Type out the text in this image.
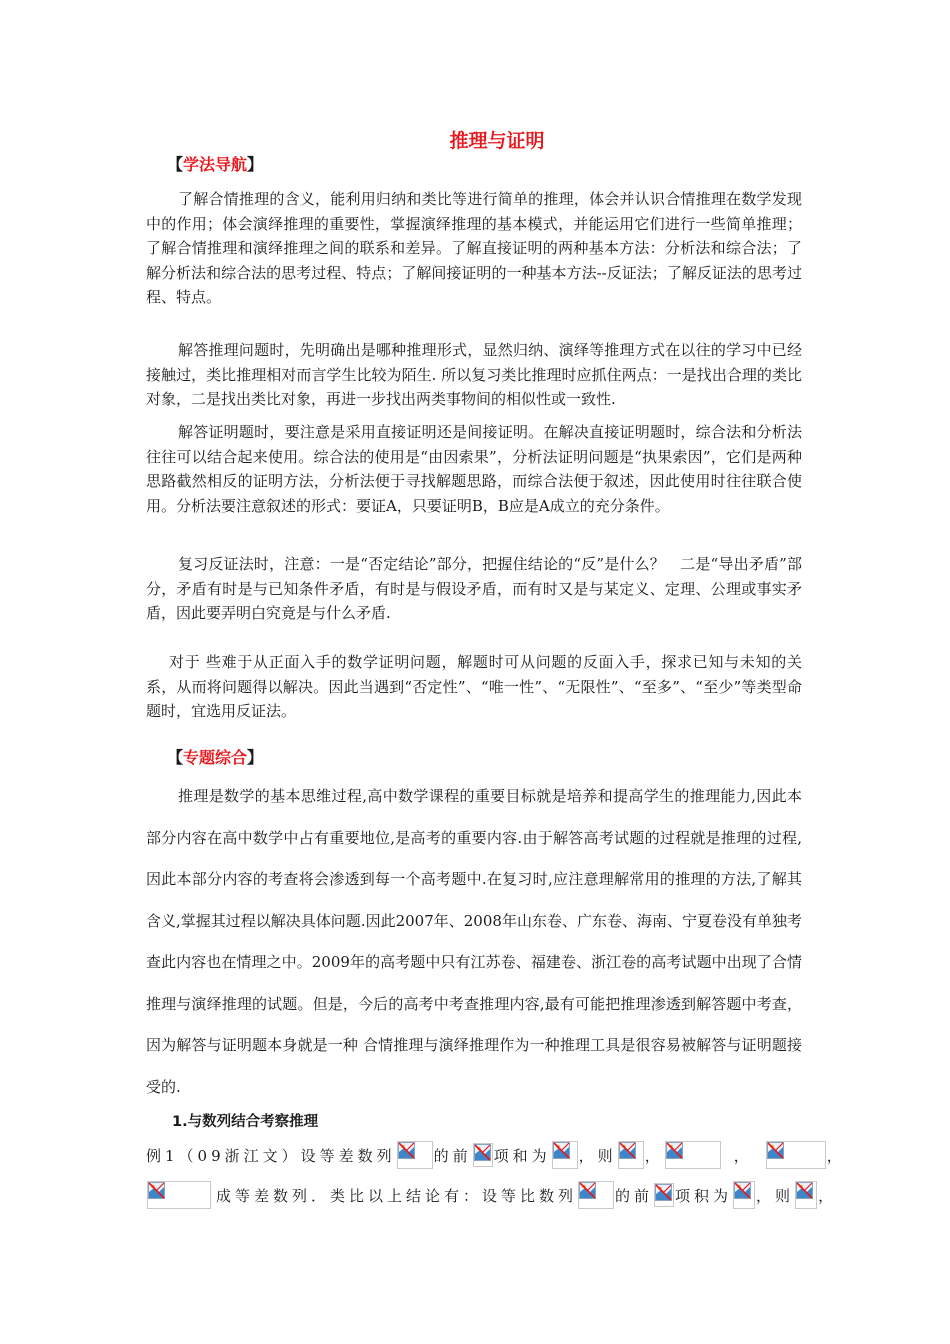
推理与证明
【学法导航】

了解合情推理的含义，能利用归纳和类比等进行简单的推理，体会并认识合情推理在数学发现中的作用；体会演绎推理的重要性，掌握演绎推理的基本模式，并能运用它们进行一些简单推理；了解合情推理和演绎推理之间的联系和差异。了解直接证明的两种基本方法：分析法和综合法；了解分析法和综合法的思考过程、特点；了解间接证明的一种基本方法--反证法；了解反证法的思考过程、特点。

解答推理问题时，先明确出是哪种推理形式，显然归纳、演绎等推理方式在以往的学习中已经接触过，类比推理相对而言学生比较为陌生. 所以复习类比推理时应抓住两点：一是找出合理的类比对象，二是找出类比对象，再进一步找出两类事物间的相似性或一致性.

解答证明题时，要注意是采用直接证明还是间接证明。在解决直接证明题时，综合法和分析法往往可以结合起来使用。综合法的使用是“由因索果”，分析法证明问题是“执果索因”，它们是两种思路截然相反的证明方法，分析法便于寻找解题思路，而综合法便于叙述，因此使用时往往联合使用。分析法要注意叙述的形式：要证A，只要证明B，B应是A成立的充分条件。

复习反证法时，注意：一是“否定结论”部分，把握住结论的“反”是什么？　二是“导出矛盾”部分，矛盾有时是与已知条件矛盾，有时是与假设矛盾，而有时又是与某定义、定理、公理或事实矛盾，因此要弄明白究竟是与什么矛盾.

对于 些难于从正面入手的数学证明问题，解题时可从问题的反面入手，探求已知与未知的关系，从而将问题得以解决。因此当遇到“否定性”、“唯一性”、“无限性”、“至多”、“至少”等类型命题时，宜选用反证法。

【专题综合】

推理是数学的基本思维过程,高中数学课程的重要目标就是培养和提高学生的推理能力,因此本部分内容在高中数学中占有重要地位,是高考的重要内容.由于解答高考试题的过程就是推理的过程,因此本部分内容的考查将会渗透到每一个高考题中.在复习时,应注意理解常用的推理的方法,了解其含义,掌握其过程以解决具体问题.因此2007年、2008年山东卷、广东卷、海南、宁夏卷没有单独考查此内容也在情理之中。2009年的高考题中只有江苏卷、福建卷、浙江卷的高考试题中出现了合情推理与演绎推理的试题。但是，今后的高考中考查推理内容,最有可能把推理渗透到解答题中考查，因为解答与证明题本身就是一种 合情推理与演绎推理作为一种推理工具是很容易被解答与证明题接受的.

1.与数列结合考察推理
例1（09浙江文）设等差数列	的前 项和为 ，则 ，	，	，
成等差数列．类比以上结论有：设等比数列	的前 项积为 ，则 ，
